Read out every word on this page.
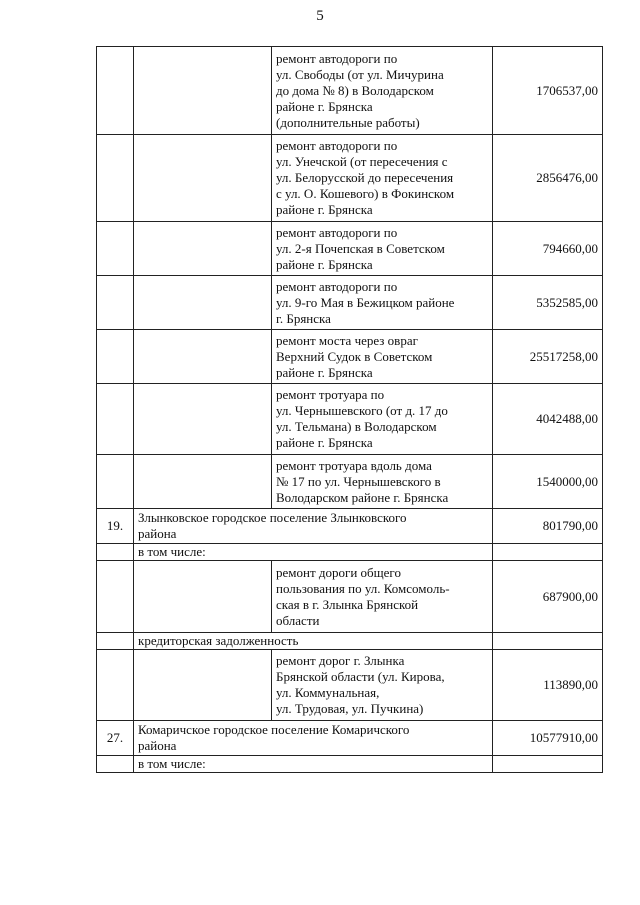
5
		ремонт автодороги по
ул. Свободы (от ул. Мичурина
до дома № 8) в Володарском
районе г. Брянска
(дополнительные работы)	1706537,00
		ремонт автодороги по
ул. Унечской (от пересечения с
ул. Белорусской до пересечения
с ул. О. Кошевого) в Фокинском
районе г. Брянска	2856476,00
		ремонт автодороги по
ул. 2-я Почепская в Советском
районе г. Брянска	794660,00
		ремонт автодороги по
ул. 9-го Мая в Бежицком районе
г. Брянска	5352585,00
		ремонт моста через овраг
Верхний Судок в Советском
районе г. Брянска	25517258,00
		ремонт тротуара по
ул. Чернышевского (от д. 17 до
ул. Тельмана) в Володарском
районе г. Брянска	4042488,00
		ремонт тротуара вдоль дома
№ 17 по ул. Чернышевского в
Володарском районе г. Брянска	1540000,00
19.	Злынковское городское поселение Злынковского
района		801790,00
	в том числе:		
		ремонт дороги общего
пользования по ул. Комсомоль-
ская в г. Злынка Брянской
области	687900,00
	кредиторская задолженность		
		ремонт дорог г. Злынка
Брянской области (ул. Кирова,
ул. Коммунальная,
ул. Трудовая, ул. Пучкина)	113890,00
27.	Комаричское городское поселение Комаричского
района		10577910,00
	в том числе:		
